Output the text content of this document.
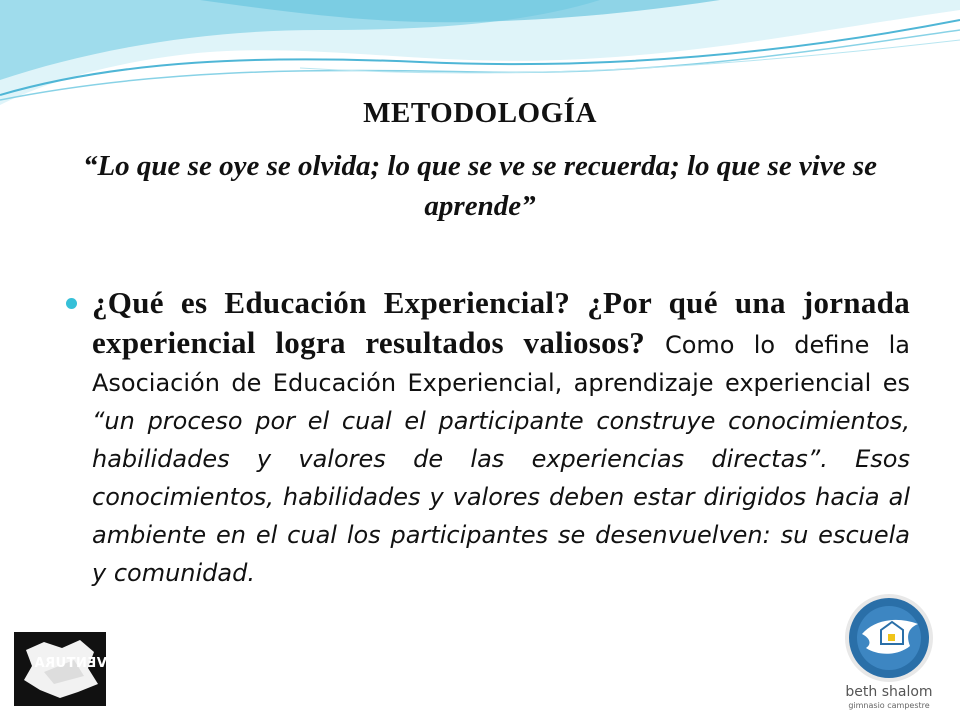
METODOLOGÍA
“Lo que se oye se olvida; lo que se ve se recuerda; lo que se vive se aprende”
¿Qué es Educación Experiencial? ¿Por qué una jornada experiencial logra resultados valiosos? Como lo define la Asociación de Educación Experiencial, aprendizaje experiencial es “un proceso por el cual el participante construye conocimientos, habilidades y valores de las experiencias directas”. Esos conocimientos, habilidades y valores deben estar dirigidos hacia al ambiente en el cual los participantes se desenvuelven: su escuela y comunidad.
AVENTURA
beth shalom
gimnasio campestre
